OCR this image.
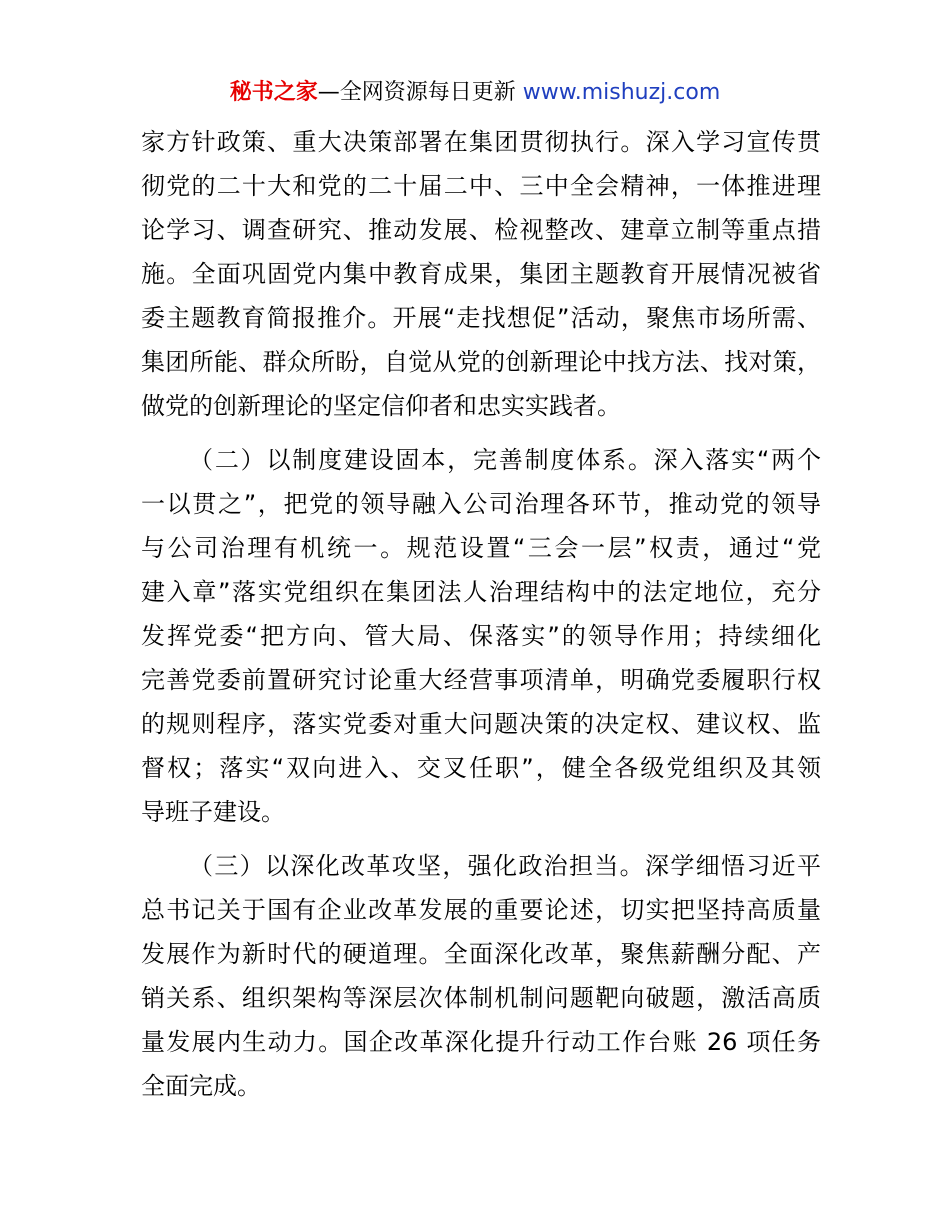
秘书之家—全网资源每日更新 www.mishuzj.com
家方针政策、重大决策部署在集团贯彻执行。深入学习宣传贯
彻党的二十大和党的二十届二中、三中全会精神，一体推进理
论学习、调查研究、推动发展、检视整改、建章立制等重点措
施。全面巩固党内集中教育成果，集团主题教育开展情况被省
委主题教育简报推介。开展“走找想促”活动，聚焦市场所需、
集团所能、群众所盼，自觉从党的创新理论中找方法、找对策，
做党的创新理论的坚定信仰者和忠实实践者。
（二）以制度建设固本，完善制度体系。深入落实“两个
一以贯之”，把党的领导融入公司治理各环节，推动党的领导
与公司治理有机统一。规范设置“三会一层”权责，通过“党
建入章”落实党组织在集团法人治理结构中的法定地位，充分
发挥党委“把方向、管大局、保落实”的领导作用；持续细化
完善党委前置研究讨论重大经营事项清单，明确党委履职行权
的规则程序，落实党委对重大问题决策的决定权、建议权、监
督权；落实“双向进入、交叉任职”，健全各级党组织及其领
导班子建设。
（三）以深化改革攻坚，强化政治担当。深学细悟习近平
总书记关于国有企业改革发展的重要论述，切实把坚持高质量
发展作为新时代的硬道理。全面深化改革，聚焦薪酬分配、产
销关系、组织架构等深层次体制机制问题靶向破题，激活高质
量发展内生动力。国企改革深化提升行动工作台账 26 项任务
全面完成。
